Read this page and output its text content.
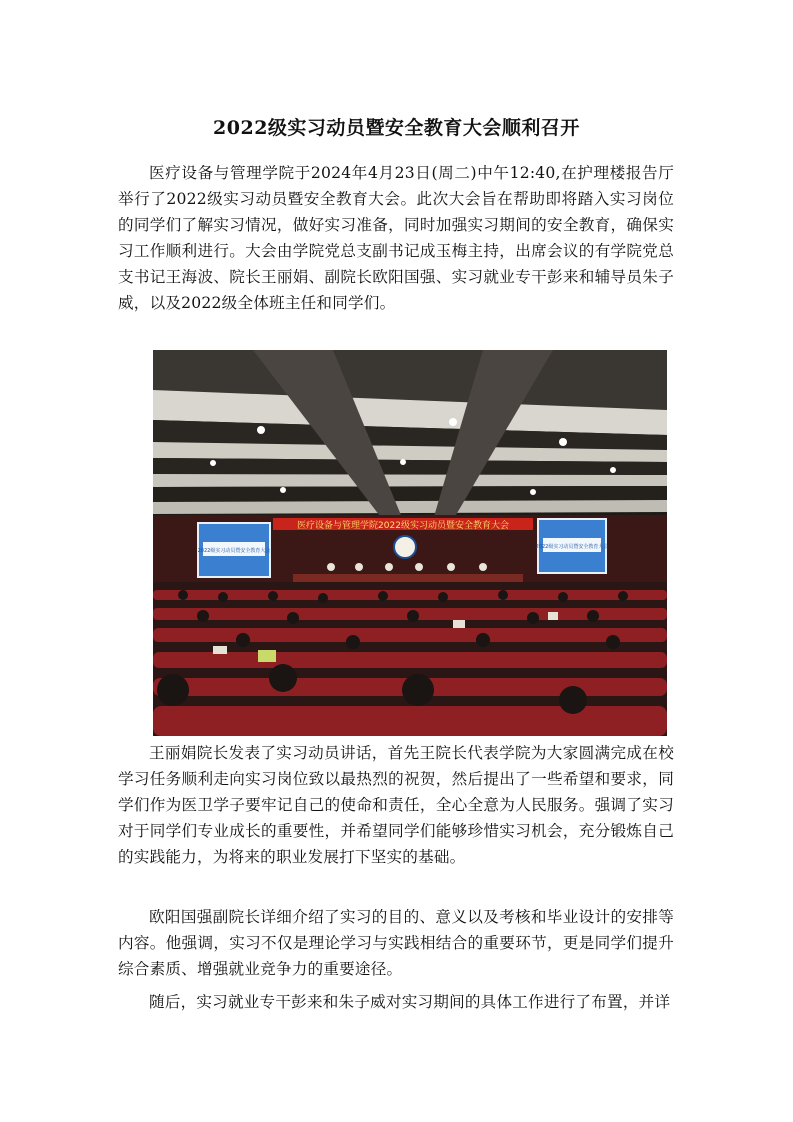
2022级实习动员暨安全教育大会顺利召开

医疗设备与管理学院于2024年4月23日(周二)中午12:40,在护理楼报告厅举行了2022级实习动员暨安全教育大会。此次大会旨在帮助即将踏入实习岗位的同学们了解实习情况，做好实习准备，同时加强实习期间的安全教育，确保实习工作顺利进行。大会由学院党总支副书记成玉梅主持，出席会议的有学院党总支书记王海波、院长王丽娟、副院长欧阳国强、实习就业专干彭来和辅导员朱子威，以及2022级全体班主任和同学们。

医疗设备与管理学院2022级实习动员暨安全教育大会
2022级实习动员暨安全教育大会
2022级实习动员暨安全教育大会

王丽娟院长发表了实习动员讲话，首先王院长代表学院为大家圆满完成在校学习任务顺利走向实习岗位致以最热烈的祝贺，然后提出了一些希望和要求，同学们作为医卫学子要牢记自己的使命和责任，全心全意为人民服务。强调了实习对于同学们专业成长的重要性，并希望同学们能够珍惜实习机会，充分锻炼自己的实践能力，为将来的职业发展打下坚实的基础。

欧阳国强副院长详细介绍了实习的目的、意义以及考核和毕业设计的安排等内容。他强调，实习不仅是理论学习与实践相结合的重要环节，更是同学们提升综合素质、增强就业竞争力的重要途径。

随后，实习就业专干彭来和朱子威对实习期间的具体工作进行了布置，并详
